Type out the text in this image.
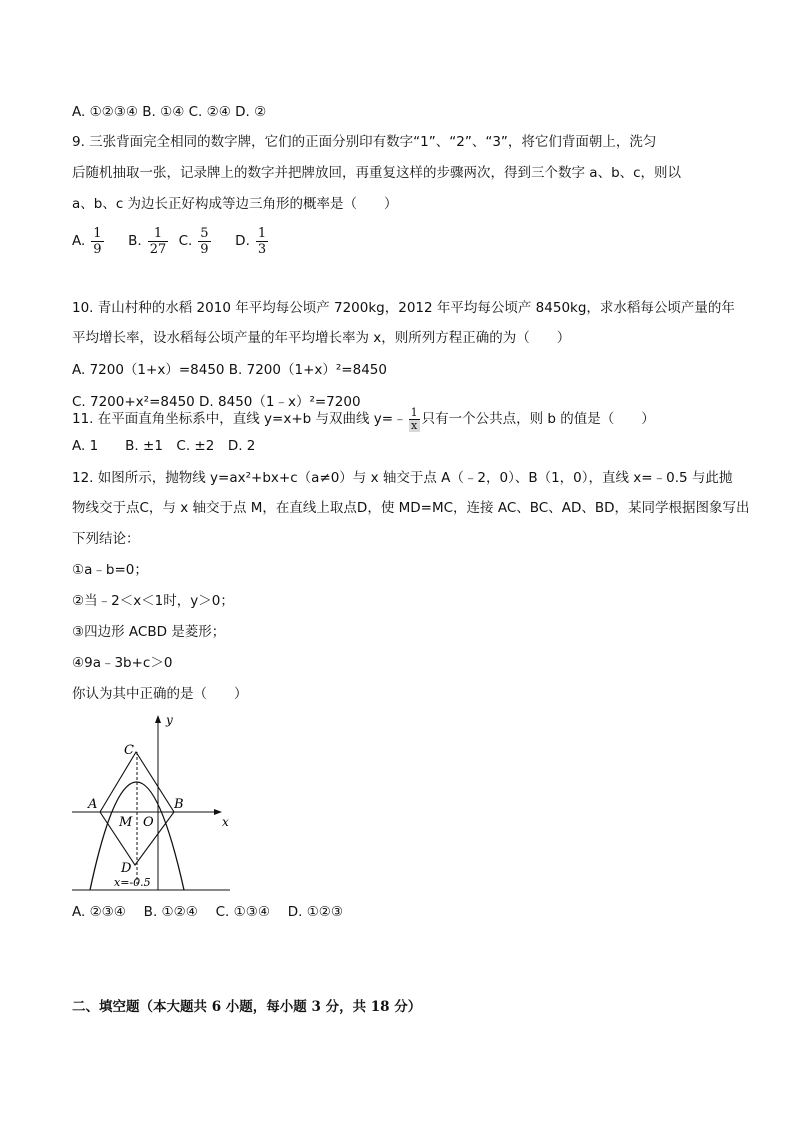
A. ①②③④ B. ①④ C. ②④ D. ②
9. 三张背面完全相同的数字牌，它们的正面分别印有数字“1”、“2”、“3”，将它们背面朝上，洗匀
后随机抽取一张，记录牌上的数字并把牌放回，再重复这样的步骤两次，得到三个数字 a、b、c，则以
a、b、c 为边长正好构成等边三角形的概率是（　　）
A. $\frac{1}{9} B$. $\frac{1}{27} C$. $\frac{5}{9} D$. $\frac{1}{3}$
10. 青山村种的水稻 2010 年平均每公顷产 7200kg，2012 年平均每公顷产 8450kg，求水稻每公顷产量的年
平均增长率，设水稻每公顷产量的年平均增长率为 x，则所列方程正确的为（　　）
A. 7200（1+x）=8450 B. 7200（1+x）²=8450
C. 7200+x²=8450 D. 8450（1﹣x）²=7200
11. 在平面直角坐标系中，直线 y=x+b 与双曲线 y=﹣ $\frac{1}{x}$ 只有一个公共点，则 b 的值是（　　）
A. 1　　B. ±1　C. ±2　D. 2
12. 如图所示，抛物线 y=ax²+bx+c（a≠0）与 x 轴交于点 A（﹣2，0）、B（1，0），直线 x=﹣0.5 与此抛
物线交于点C，与 x 轴交于点 M，在直线上取点D，使 MD=MC，连接 AC、BC、AD、BD，某同学根据图象写出
下列结论：
①a﹣b=0；
②当﹣2＜x＜1时，y＞0；
③四边形 ACBD 是菱形；
④9a﹣3b+c＞0
你认为其中正确的是（　　）
y
x
C
A	B
M O
D
x=-0.5
A. ②③④　 B. ①②④　 C. ①③④　 D. ①②③
二、填空题（本大题共 6 小题，每小题 3 分，共 18 分）
